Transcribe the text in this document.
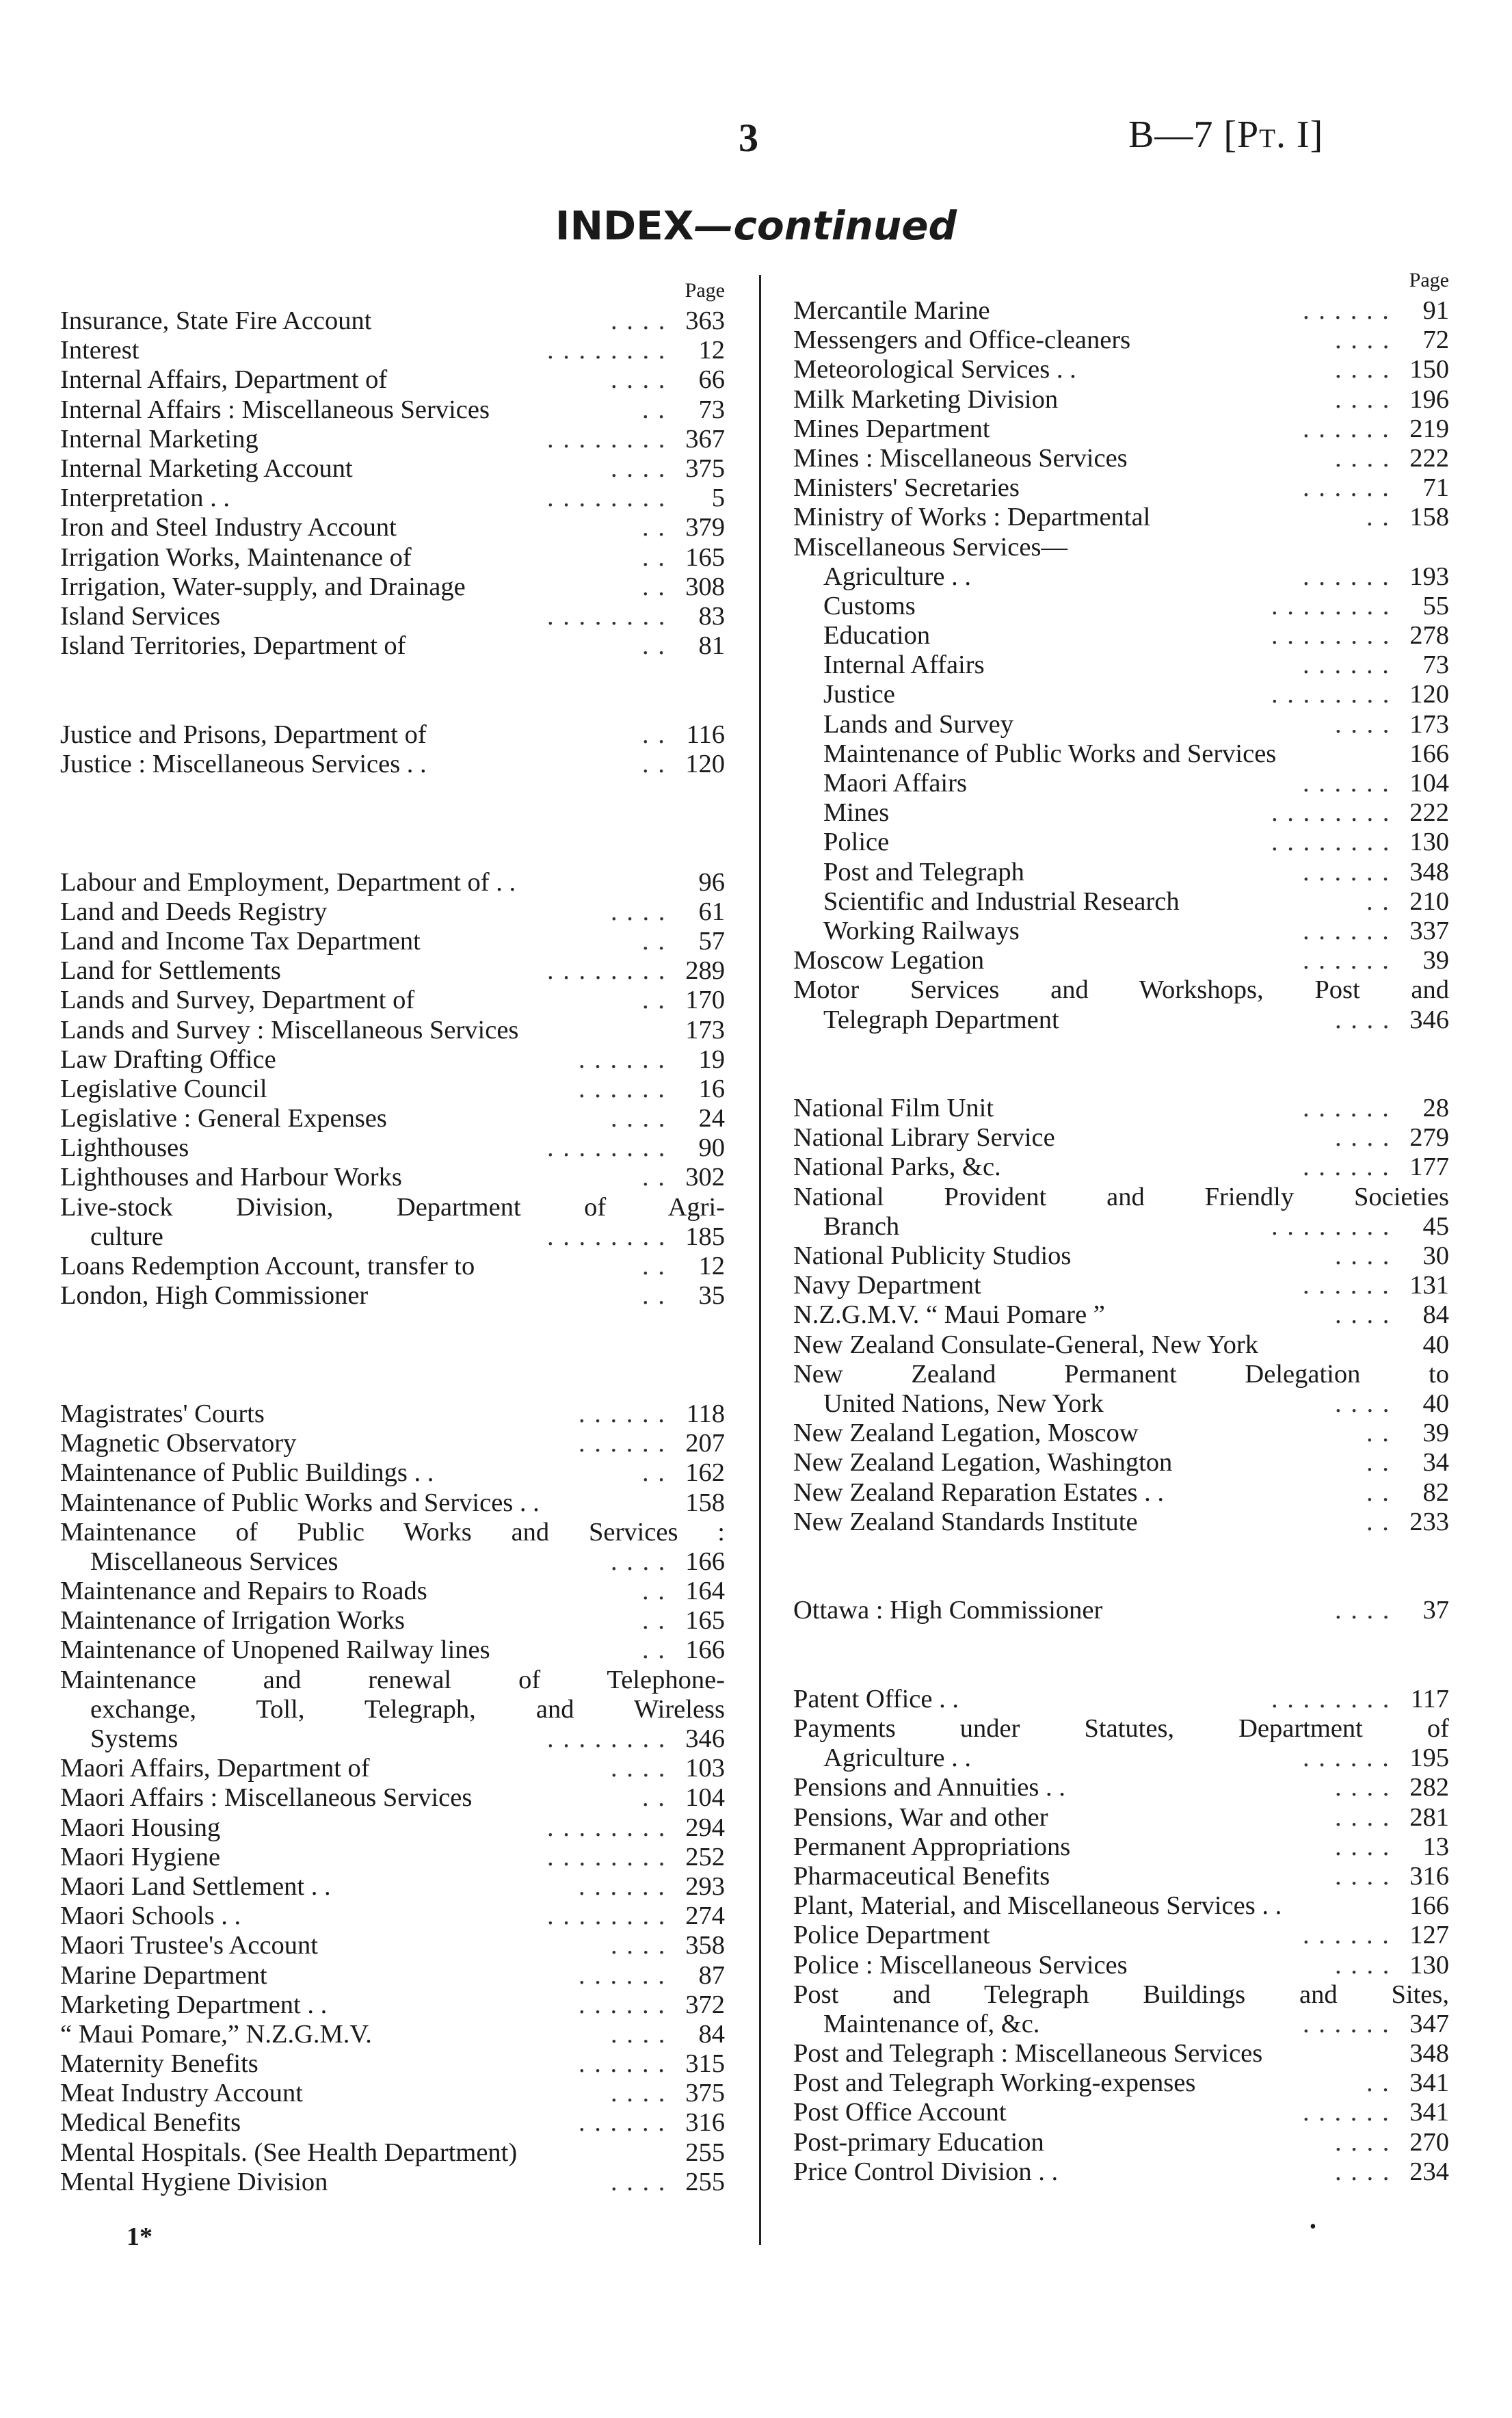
3	B—7 [Pt. I]
INDEX—continued
Page
Insurance, State Fire Account	. . . . 363
Interest	. . . . . . . . 12
Internal Affairs, Department of	. . . . 66
Internal Affairs : Miscellaneous Services	. . 73
Internal Marketing	. . . . . . . . 367
Internal Marketing Account	. . . . 375
Interpretation . .	. . . . . . . . 5
Iron and Steel Industry Account	. . 379
Irrigation Works, Maintenance of	. . 165
Irrigation, Water-supply, and Drainage	. . 308
Island Services	. . . . . . . . 83
Island Territories, Department of	. . 81
Justice and Prisons, Department of	. . 116
Justice : Miscellaneous Services . .	. . 120
Labour and Employment, Department of . .	96
Land and Deeds Registry	. . . . 61
Land and Income Tax Department	. . 57
Land for Settlements	. . . . . . . . 289
Lands and Survey, Department of	. . 170
Lands and Survey : Miscellaneous Services	173
Law Drafting Office	. . . . . . 19
Legislative Council	. . . . . . 16
Legislative : General Expenses	. . . . 24
Lighthouses	. . . . . . . . 90
Lighthouses and Harbour Works	. . 302
Live-stock Division, Department of Agri-
culture	. . . . . . . . 185
Loans Redemption Account, transfer to	. . 12
London, High Commissioner	. . 35
Magistrates' Courts	. . . . . . 118
Magnetic Observatory	. . . . . . 207
Maintenance of Public Buildings . .	. . 162
Maintenance of Public Works and Services . .	158
Maintenance of Public Works and Services :
Miscellaneous Services	. . . . 166
Maintenance and Repairs to Roads	. . 164
Maintenance of Irrigation Works	. . 165
Maintenance of Unopened Railway lines	. . 166
Maintenance and renewal of Telephone-
exchange, Toll, Telegraph, and Wireless
Systems	. . . . . . . . 346
Maori Affairs, Department of	. . . . 103
Maori Affairs : Miscellaneous Services	. . 104
Maori Housing	. . . . . . . . 294
Maori Hygiene	. . . . . . . . 252
Maori Land Settlement . .	. . . . . . 293
Maori Schools . .	. . . . . . . . 274
Maori Trustee's Account	. . . . 358
Marine Department	. . . . . . 87
Marketing Department . .	. . . . . . 372
“ Maui Pomare,” N.Z.G.M.V.	. . . . 84
Maternity Benefits	. . . . . . 315
Meat Industry Account	. . . . 375
Medical Benefits	. . . . . . 316
Mental Hospitals. (See Health Department)	255
Mental Hygiene Division	. . . . 255
Page
Mercantile Marine	. . . . . . 91
Messengers and Office-cleaners	. . . . 72
Meteorological Services . .	. . . . 150
Milk Marketing Division	. . . . 196
Mines Department	. . . . . . 219
Mines : Miscellaneous Services	. . . . 222
Ministers' Secretaries	. . . . . . 71
Ministry of Works : Departmental	. . 158
Miscellaneous Services—
Agriculture . .	. . . . . . 193
Customs	. . . . . . . . 55
Education	. . . . . . . . 278
Internal Affairs	. . . . . . 73
Justice	. . . . . . . . 120
Lands and Survey	. . . . 173
Maintenance of Public Works and Services	166
Maori Affairs	. . . . . . 104
Mines	. . . . . . . . 222
Police	. . . . . . . . 130
Post and Telegraph	. . . . . . 348
Scientific and Industrial Research	. . 210
Working Railways	. . . . . . 337
Moscow Legation	. . . . . . 39
Motor Services and Workshops, Post and
Telegraph Department	. . . . 346
National Film Unit	. . . . . . 28
National Library Service	. . . . 279
National Parks, &c.	. . . . . . 177
National Provident and Friendly Societies
Branch	. . . . . . . . 45
National Publicity Studios	. . . . 30
Navy Department	. . . . . . 131
N.Z.G.M.V. “ Maui Pomare ”	. . . . 84
New Zealand Consulate-General, New York	40
New Zealand Permanent Delegation to
United Nations, New York	. . . . 40
New Zealand Legation, Moscow	. . 39
New Zealand Legation, Washington	. . 34
New Zealand Reparation Estates . .	. . 82
New Zealand Standards Institute	. . 233
Ottawa : High Commissioner	. . . . 37
Patent Office . .	. . . . . . . . 117
Payments under Statutes, Department of
Agriculture . .	. . . . . . 195
Pensions and Annuities . .	. . . . 282
Pensions, War and other	. . . . 281
Permanent Appropriations	. . . . 13
Pharmaceutical Benefits	. . . . 316
Plant, Material, and Miscellaneous Services . .	166
Police Department	. . . . . . 127
Police : Miscellaneous Services	. . . . 130
Post and Telegraph Buildings and Sites,
Maintenance of, &c.	. . . . . . 347
Post and Telegraph : Miscellaneous Services	348
Post and Telegraph Working-expenses	. . 341
Post Office Account	. . . . . . 341
Post-primary Education	. . . . 270
Price Control Division . .	. . . . 234
1*	•
